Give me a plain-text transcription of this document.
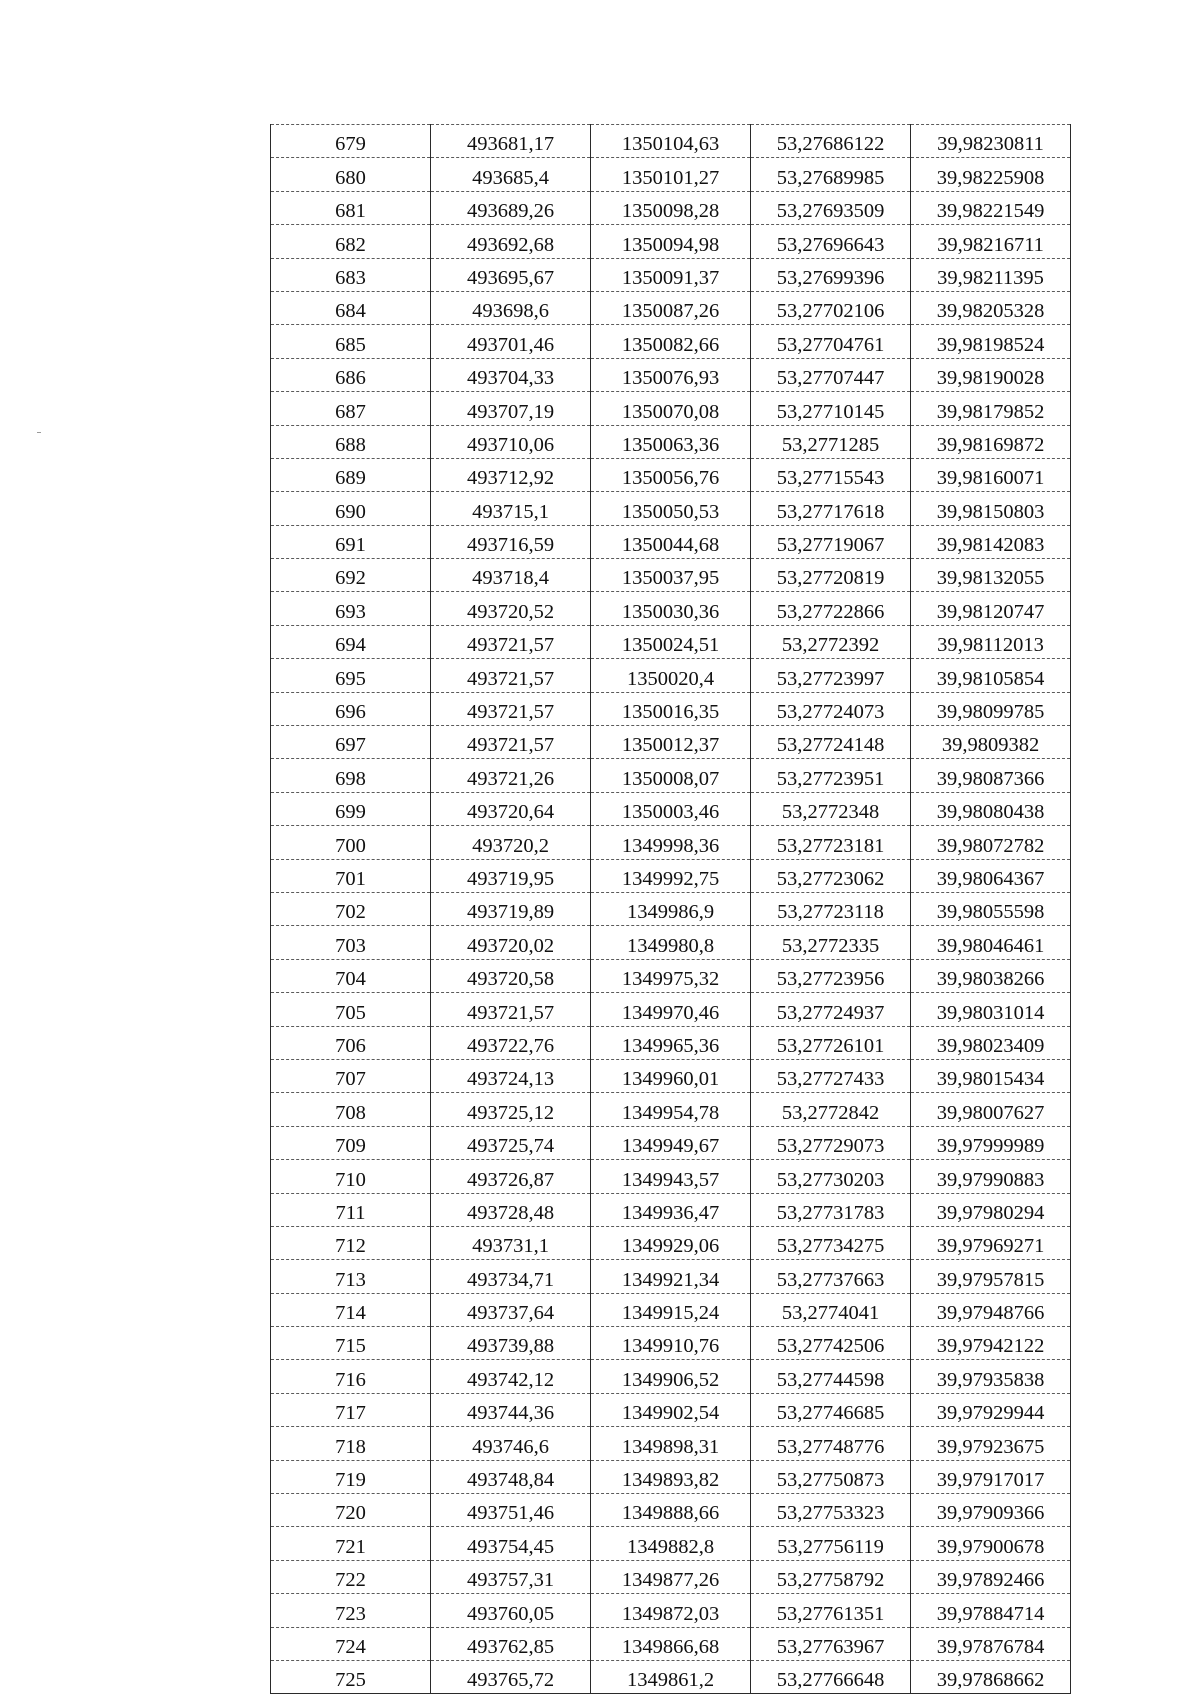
679	493681,17	1350104,63	53,27686122	39,98230811
680	493685,4	1350101,27	53,27689985	39,98225908
681	493689,26	1350098,28	53,27693509	39,98221549
682	493692,68	1350094,98	53,27696643	39,98216711
683	493695,67	1350091,37	53,27699396	39,98211395
684	493698,6	1350087,26	53,27702106	39,98205328
685	493701,46	1350082,66	53,27704761	39,98198524
686	493704,33	1350076,93	53,27707447	39,98190028
687	493707,19	1350070,08	53,27710145	39,98179852
688	493710,06	1350063,36	53,2771285	39,98169872
689	493712,92	1350056,76	53,27715543	39,98160071
690	493715,1	1350050,53	53,27717618	39,98150803
691	493716,59	1350044,68	53,27719067	39,98142083
692	493718,4	1350037,95	53,27720819	39,98132055
693	493720,52	1350030,36	53,27722866	39,98120747
694	493721,57	1350024,51	53,2772392	39,98112013
695	493721,57	1350020,4	53,27723997	39,98105854
696	493721,57	1350016,35	53,27724073	39,98099785
697	493721,57	1350012,37	53,27724148	39,9809382
698	493721,26	1350008,07	53,27723951	39,98087366
699	493720,64	1350003,46	53,2772348	39,98080438
700	493720,2	1349998,36	53,27723181	39,98072782
701	493719,95	1349992,75	53,27723062	39,98064367
702	493719,89	1349986,9	53,27723118	39,98055598
703	493720,02	1349980,8	53,2772335	39,98046461
704	493720,58	1349975,32	53,27723956	39,98038266
705	493721,57	1349970,46	53,27724937	39,98031014
706	493722,76	1349965,36	53,27726101	39,98023409
707	493724,13	1349960,01	53,27727433	39,98015434
708	493725,12	1349954,78	53,2772842	39,98007627
709	493725,74	1349949,67	53,27729073	39,97999989
710	493726,87	1349943,57	53,27730203	39,97990883
711	493728,48	1349936,47	53,27731783	39,97980294
712	493731,1	1349929,06	53,27734275	39,97969271
713	493734,71	1349921,34	53,27737663	39,97957815
714	493737,64	1349915,24	53,2774041	39,97948766
715	493739,88	1349910,76	53,27742506	39,97942122
716	493742,12	1349906,52	53,27744598	39,97935838
717	493744,36	1349902,54	53,27746685	39,97929944
718	493746,6	1349898,31	53,27748776	39,97923675
719	493748,84	1349893,82	53,27750873	39,97917017
720	493751,46	1349888,66	53,27753323	39,97909366
721	493754,45	1349882,8	53,27756119	39,97900678
722	493757,31	1349877,26	53,27758792	39,97892466
723	493760,05	1349872,03	53,27761351	39,97884714
724	493762,85	1349866,68	53,27763967	39,97876784
725	493765,72	1349861,2	53,27766648	39,97868662
